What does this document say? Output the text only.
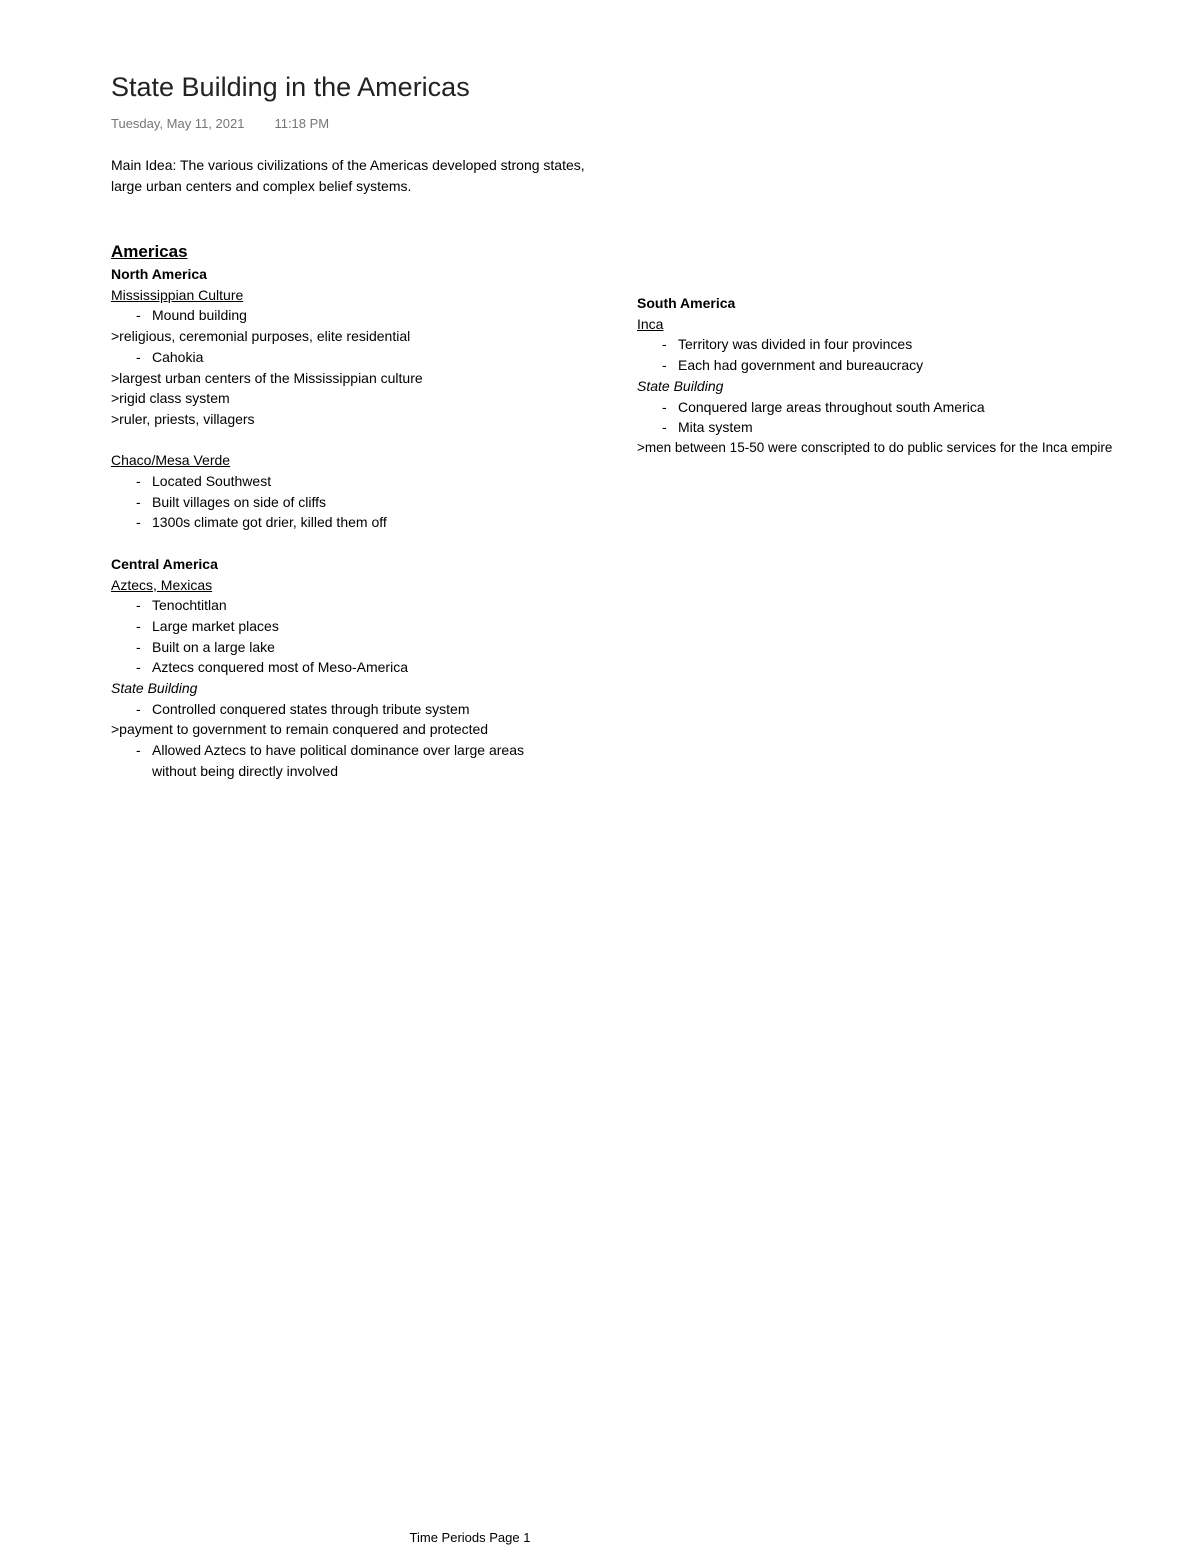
State Building in the Americas
Tuesday, May 11, 2021 11:18 PM
Main Idea: The various civilizations of the Americas developed strong states, large urban centers and complex belief systems.
Americas
North America
Mississippian Culture
- Mound building
>religious, ceremonial purposes, elite residential
- Cahokia
>largest urban centers of the Mississippian culture
>rigid class system
>ruler, priests, villagers
Chaco/Mesa Verde
- Located Southwest
- Built villages on side of cliffs
- 1300s climate got drier, killed them off
Central America
Aztecs, Mexicas
- Tenochtitlan
- Large market places
- Built on a large lake
- Aztecs conquered most of Meso-America
State Building
- Controlled conquered states through tribute system
>payment to government to remain conquered and protected
- Allowed Aztecs to have political dominance over large areas without being directly involved
South America
Inca
- Territory was divided in four provinces
- Each had government and bureaucracy
State Building
- Conquered large areas throughout south America
- Mita system
>men between 15-50 were conscripted to do public services for the Inca empire
Time Periods Page 1
